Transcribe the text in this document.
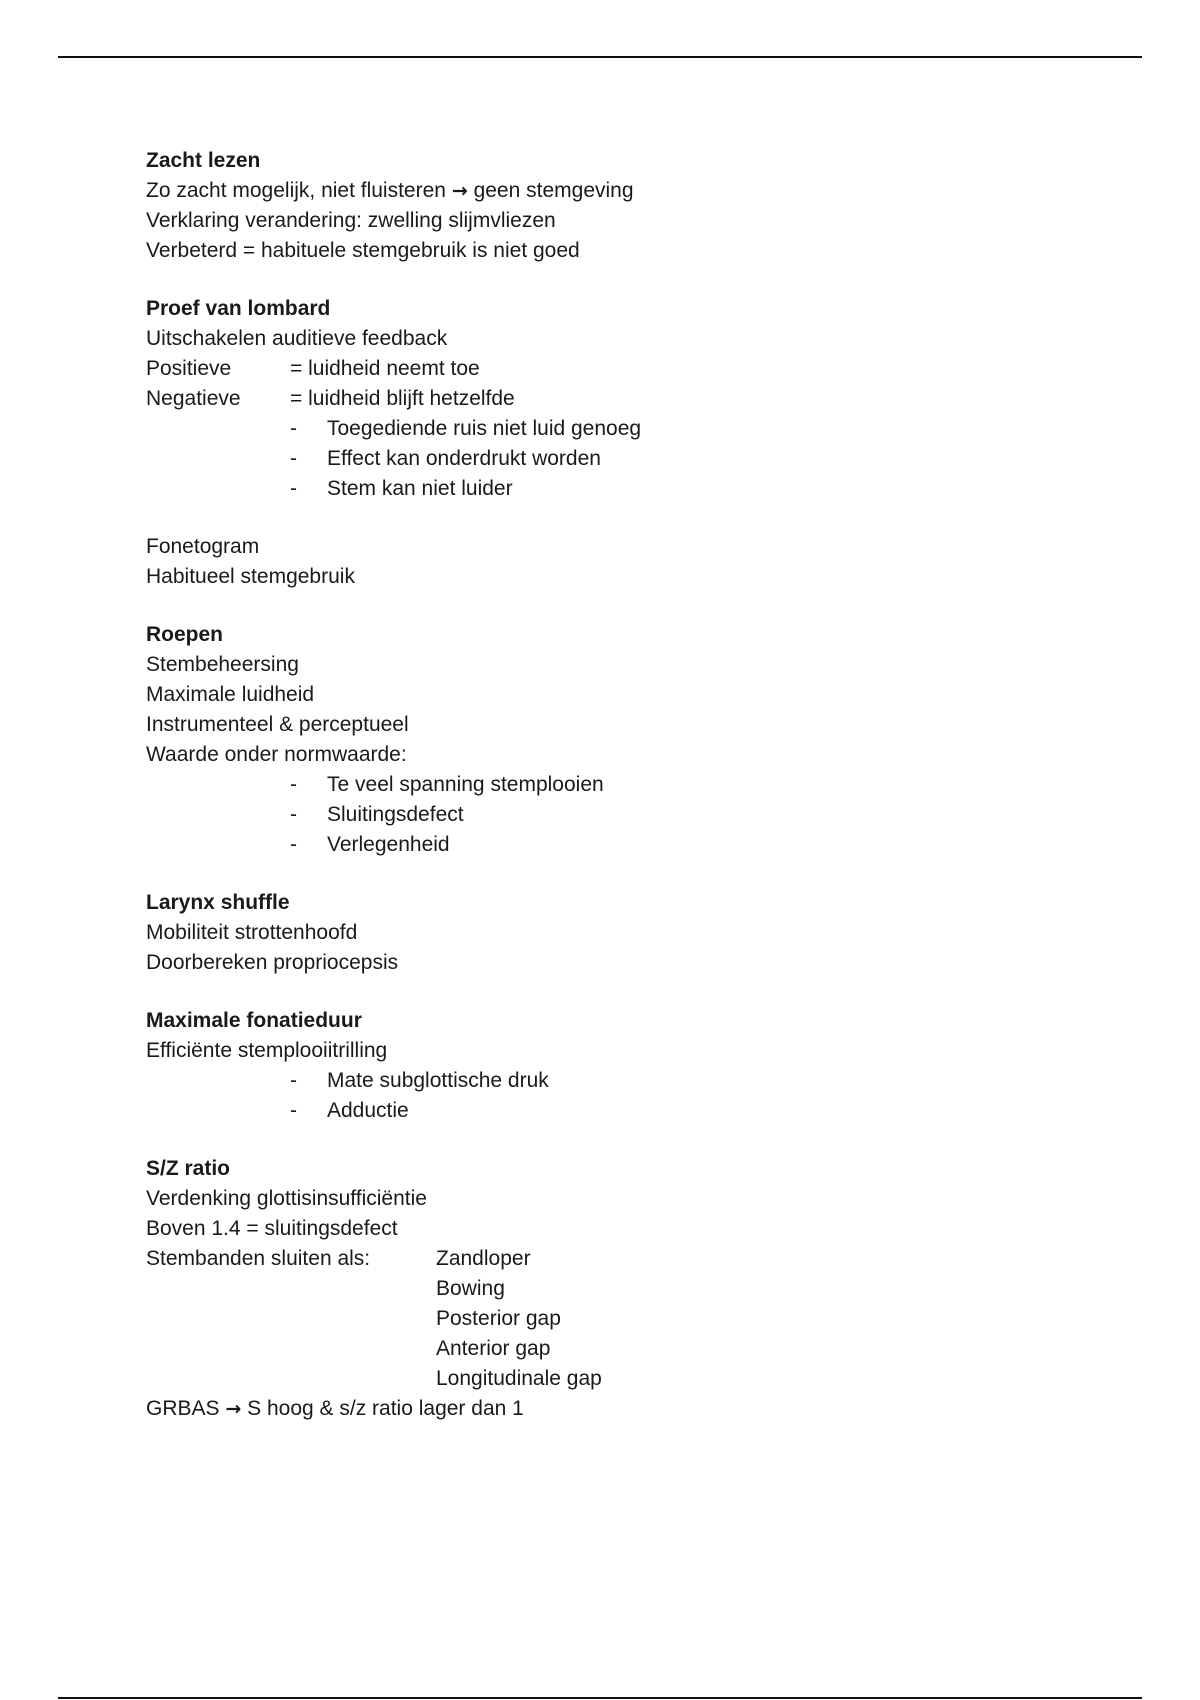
Zacht lezen
Zo zacht mogelijk, niet fluisteren → geen stemgeving
Verklaring verandering: zwelling slijmvliezen
Verbeterd = habituele stemgebruik is niet goed
Proef van lombard
Uitschakelen auditieve feedback
Positieve	= luidheid neemt toe
Negatieve = luidheid blijft hetzelfde
- Toegediende ruis niet luid genoeg
- Effect kan onderdrukt worden
- Stem kan niet luider
Fonetogram
Habitueel stemgebruik
Roepen
Stembeheersing
Maximale luidheid
Instrumenteel & perceptueel
Waarde onder normwaarde:
- Te veel spanning stemplooien
- Sluitingsdefect
- Verlegenheid
Larynx shuffle
Mobiliteit strottenhoofd
Doorbereken propriocepsis
Maximale fonatieduur
Efficiënte stemplooiitrilling
- Mate subglottische druk
- Adductie
S/Z ratio
Verdenking glottisinsufficiëntie
Boven 1.4 = sluitingsdefect
Stembanden sluiten als:	Zandloper
Bowing
Posterior gap
Anterior gap
Longitudinale gap
GRBAS → S hoog & s/z ratio lager dan 1
